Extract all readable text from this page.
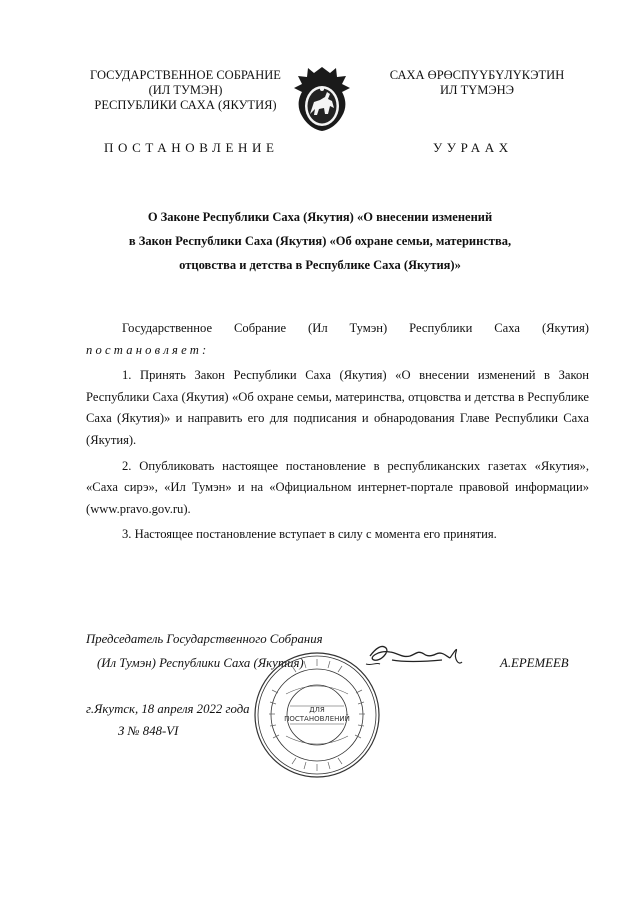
ГОСУДАРСТВЕННОЕ СОБРАНИЕ
(ИЛ ТУМЭН)
РЕСПУБЛИКИ САХА (ЯКУТИЯ)
САХА ӨРӨСПҮҮБҮЛҮКЭТИН
ИЛ ТҮМЭНЭ
ПОСТАНОВЛЕНИЕ	УУРААХ
О Законе Республики Саха (Якутия) «О внесении изменений
в Закон Республики Саха (Якутия) «Об охране семьи, материнства,
отцовства и детства в Республике Саха (Якутия)»
Государственное Собрание (Ил Тумэн) Республики Саха (Якутия)

постановляет:

1. Принять Закон Республики Саха (Якутия) «О внесении изменений в Закон Республики Саха (Якутия) «Об охране семьи, материнства, отцовства и детства в Республике Саха (Якутия)» и направить его для подписания и обнародования Главе Республики Саха (Якутия).

2. Опубликовать настоящее постановление в республиканских газетах «Якутия», «Саха сирэ», «Ил Тумэн» и на «Официальном интернет-портале правовой информации» (www.pravo.gov.ru).

3. Настоящее постановление вступает в силу с момента его принятия.

Председатель Государственного Собрания
(Ил Тумэн) Республики Саха (Якутия)	А.ЕРЕМЕЕВ
г.Якутск, 18 апреля 2022 года
З № 848-VI
ДЛЯ
ПОСТАНОВЛЕНИЙ
